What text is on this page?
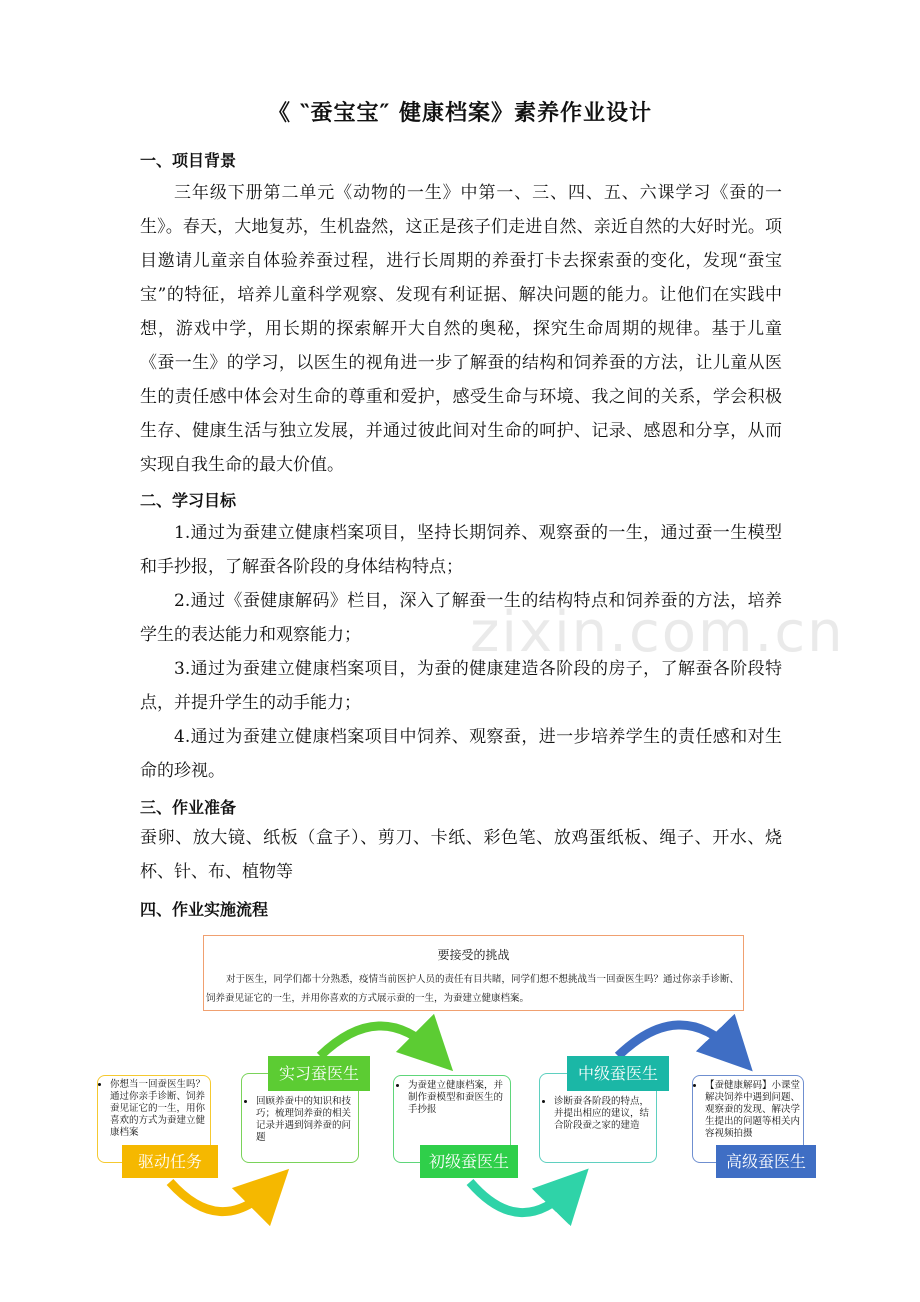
《 ‶蚕宝宝″ 健康档案》素养作业设计
一、项目背景
三年级下册第二单元《动物的一生》中第一、三、四、五、六课学习《蚕的一生》。春天，大地复苏，生机盎然，这正是孩子们走进自然、亲近自然的大好时光。项目邀请儿童亲自体验养蚕过程，进行长周期的养蚕打卡去探索蚕的变化，发现“蚕宝宝”的特征，培养儿童科学观察、发现有利证据、解决问题的能力。让他们在实践中想，游戏中学，用长期的探索解开大自然的奥秘，探究生命周期的规律。基于儿童《蚕一生》的学习，以医生的视角进一步了解蚕的结构和饲养蚕的方法，让儿童从医生的责任感中体会对生命的尊重和爱护，感受生命与环境、我之间的关系，学会积极生存、健康生活与独立发展，并通过彼此间对生命的呵护、记录、感恩和分享，从而实现自我生命的最大价值。
二、学习目标
1.通过为蚕建立健康档案项目，坚持长期饲养、观察蚕的一生，通过蚕一生模型和手抄报，了解蚕各阶段的身体结构特点；
2.通过《蚕健康解码》栏目，深入了解蚕一生的结构特点和饲养蚕的方法，培养学生的表达能力和观察能力；
3.通过为蚕建立健康档案项目，为蚕的健康建造各阶段的房子，了解蚕各阶段特点，并提升学生的动手能力；
4.通过为蚕建立健康档案项目中饲养、观察蚕，进一步培养学生的责任感和对生命的珍视。
三、作业准备
蚕卵、放大镜、纸板（盒子）、剪刀、卡纸、彩色笔、放鸡蛋纸板、绳子、开水、烧杯、针、布、植物等
四、作业实施流程
zixin.com.cn
要接受的挑战
对于医生，同学们都十分熟悉，疫情当前医护人员的责任有目共睹，同学们想不想挑战当一回蚕医生吗？通过你亲手诊断、饲养蚕见证它的一生，并用你喜欢的方式展示蚕的一生，为蚕建立健康档案。
• 你想当一回蚕医生吗？通过你亲手诊断、饲养蚕见证它的一生，用你喜欢的方式为蚕建立健康档案
驱动任务
• 回顾养蚕中的知识和技巧；梳理饲养蚕的相关记录并遇到饲养蚕的问题
实习蚕医生
• 为蚕建立健康档案，并制作蚕模型和蚕医生的手抄报
初级蚕医生
• 诊断蚕各阶段的特点，并提出相应的建议，结合阶段蚕之家的建造
中级蚕医生
• 【蚕健康解码】小课堂解决饲养中遇到问题、观察蚕的发现、解决学生提出的问题等相关内容视频拍摄
高级蚕医生
